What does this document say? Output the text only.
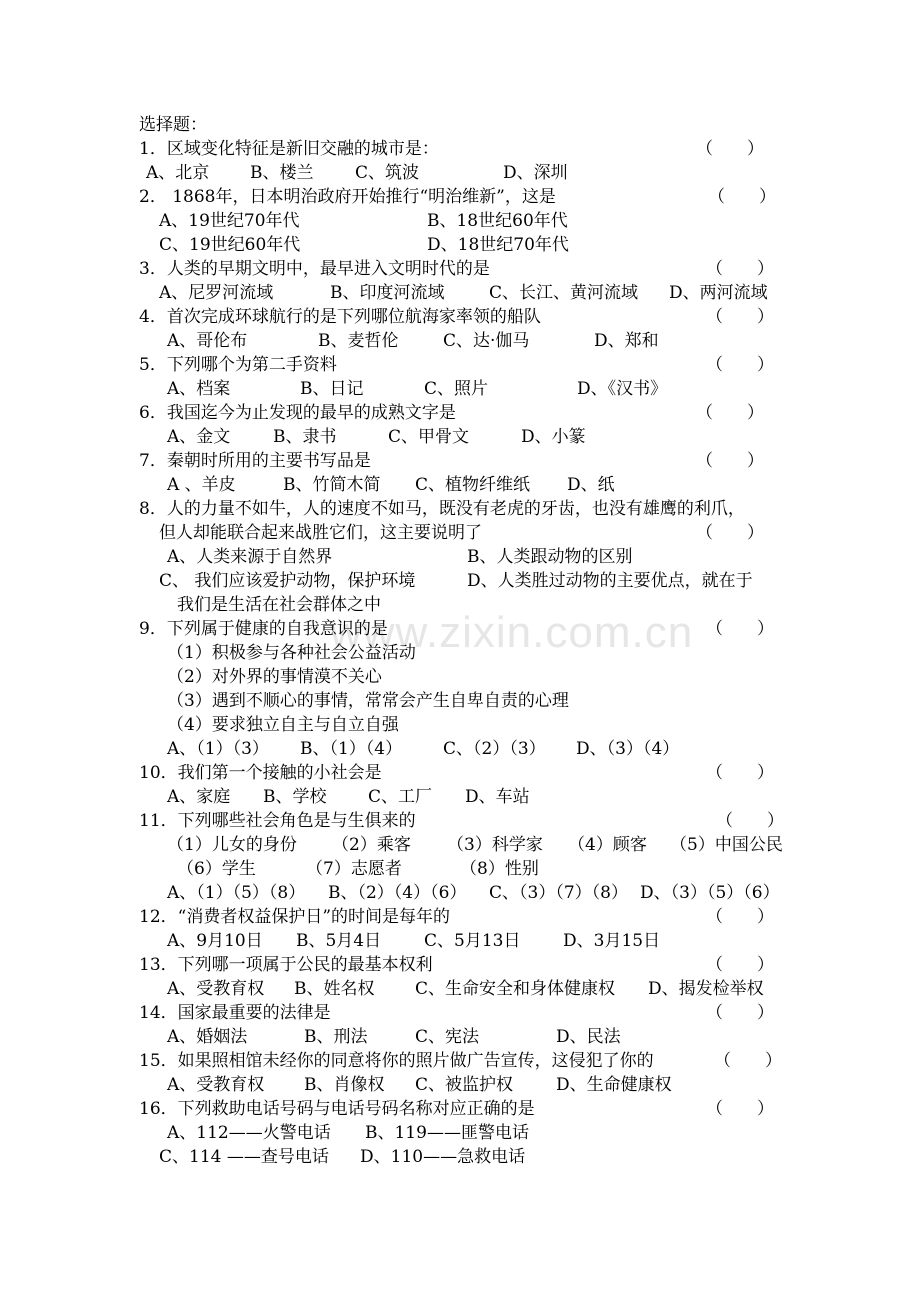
www.zixin.com.cn
选择题：
1．区域变化特征是新旧交融的城市是：	（　　）
A、北京 B、楼兰 C、筑波	D、深圳
2． 1868年，日本明治政府开始推行“明治维新”，这是	（　　）
A、19世纪70年代	B、18世纪60年代
C、19世纪60年代	D、18世纪70年代
3．人类的早期文明中，最早进入文明时代的是	（　　）
A、尼罗河流域	B、印度河流域	C、长江、黄河流域 D、两河流域
4．首次完成环球航行的是下列哪位航海家率领的船队	（　　）
A、哥伦布	B、麦哲伦	C、达·伽马	D、郑和
5．下列哪个为第二手资料	（　　）
A、档案	B、日记	C、照片	D、《汉书》
6．我国迄今为止发现的最早的成熟文字是	（　　）
A、金文	B、隶书	C、甲骨文	D、小篆
7．秦朝时所用的主要书写品是	（　　）
A 、羊皮	B、竹简木简 C、植物纤维纸 D、纸
8．人的力量不如牛，人的速度不如马，既没有老虎的牙齿，也没有雄鹰的利爪，
但人却能联合起来战胜它们，这主要说明了	（　　）
A、人类来源于自然界	B、人类跟动物的区别
C、 我们应该爱护动物，保护环境	D、人类胜过动物的主要优点，就在于
我们是生活在社会群体之中
9．下列属于健康的自我意识的是	（　　）
（1）积极参与各种社会公益活动
（2）对外界的事情漠不关心
（3）遇到不顺心的事情，常常会产生自卑自责的心理
（4）要求独立自主与自立自强
A、（1）（3） B、（1）（4） C、（2）（3） D、（3）（4）
10．我们第一个接触的小社会是	（　　）
A、家庭 B、学校 C、工厂 D、车站
11．下列哪些社会角色是与生俱来的	（　　）
（1）儿女的身份 （2）乘客 （3）科学家 （4）顾客 （5）中国公民
（6）学生	（7）志愿者	（8）性别
A、（1）（5）（8） B、（2）（4）（6） C、（3）（7）（8） D、（3）（5）（6）
12．“消费者权益保护日”的时间是每年的	（　　）
A、9月10日 B、5月4日	C、5月13日	D、3月15日
13．下列哪一项属于公民的最基本权利	（　　）
A、受教育权 B、姓名权 C、生命安全和身体健康权 D、揭发检举权
14．国家最重要的法律是	（　　）
A、婚姻法	B、刑法	C、宪法	D、民法
15．如果照相馆未经你的同意将你的照片做广告宣传，这侵犯了你的	（　　）
A、受教育权 B、肖像权 C、被监护权	D、生命健康权
16．下列救助电话号码与电话号码名称对应正确的是	（　　）
A、112——火警电话 B、119——匪警电话
C、114 ——查号电话 D、110——急救电话
